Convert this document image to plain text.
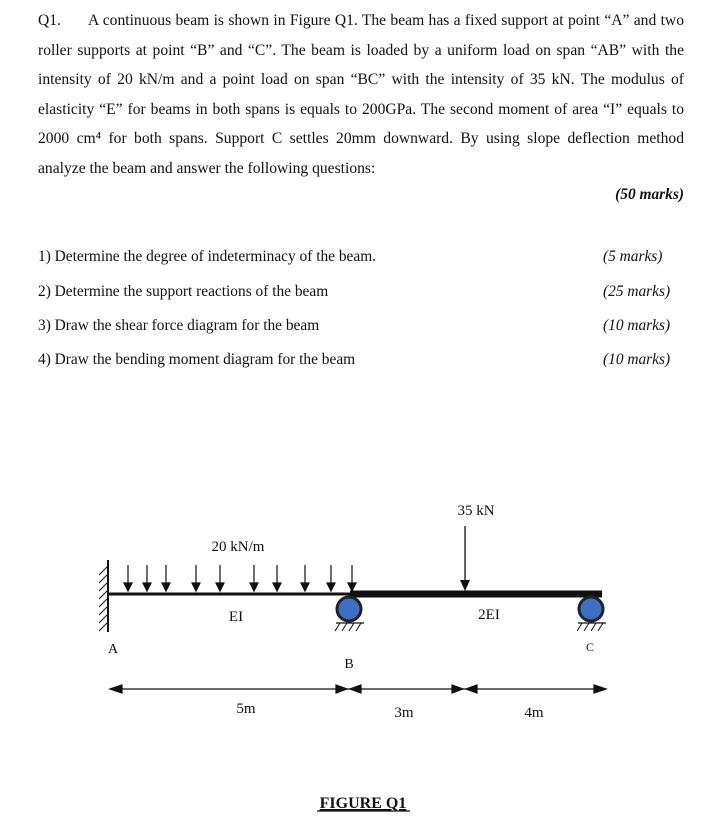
Q1. A continuous beam is shown in Figure Q1. The beam has a fixed support at point “A” and two roller supports at point “B” and “C”. The beam is loaded by a uniform load on span “AB” with the intensity of 20 kN/m and a point load on span “BC” with the intensity of 35 kN. The modulus of elasticity “E” for beams in both spans is equals to 200GPa. The second moment of area “I” equals to 2000 cm⁴ for both spans. Support C settles 20mm downward. By using slope deflection method analyze the beam and answer the following questions:
(50 marks)
1) Determine the degree of indeterminacy of the beam.	(5 marks)
2) Determine the support reactions of the beam	(25 marks)
3) Draw the shear force diagram for the beam	(10 marks)
4) Draw the bending moment diagram for the beam	(10 marks)
20 kN/m
35 kN
EI	2EI
A
B
C
5m	3m	4m
FIGURE Q1
